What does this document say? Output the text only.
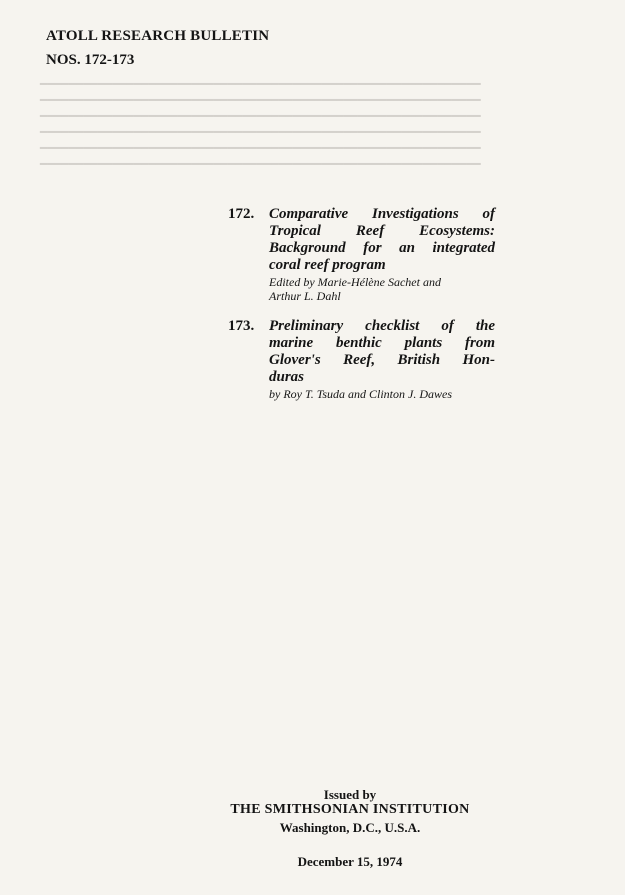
━━━━━━━━━━━━━━━━━━━━━━━━━━━━━━━━━━━━━━━━━━━━━━━━━━━━━━━━━━━━━
━━━━━━━━━━━━━━━━━━━━━━━━━━━━━━━━━━━━━━━━━━━━━━━━━━━━━━━━━━━━━
━━━━━━━━━━━━━━━━━━━━━━━━━━━━━━━━━━━━━━━━━━━━━━━━━━━━━━━━━━━━━
━━━━━━━━━━━━━━━━━━━━━━━━━━━━━━━━━━━━━━━━━━━━━━━━━━━━━━━━━━━━━
━━━━━━━━━━━━━━━━━━━━━━━━━━━━━━━━━━━━━━━━━━━━━━━━━━━━━━━━━━━━━
━━━━━━━━━━━━━━━━━━━━━━━━━━━━━━━━━━━━━━━━━━━━━━━━━━━━━━━━━━━━━

ATOLL RESEARCH BULLETIN
NOS. 172-173
172. Comparative Investigations of
Tropical Reef Ecosystems:
Background for an integrated
coral reef program

Edited by Marie-Hélène Sachet and
Arthur L. Dahl

173. Preliminary checklist of the
marine benthic plants from
Glover's Reef, British Hon-
duras

by Roy T. Tsuda and Clinton J. Dawes

Issued by
THE SMITHSONIAN INSTITUTION
Washington, D.C., U.S.A.
December 15, 1974
